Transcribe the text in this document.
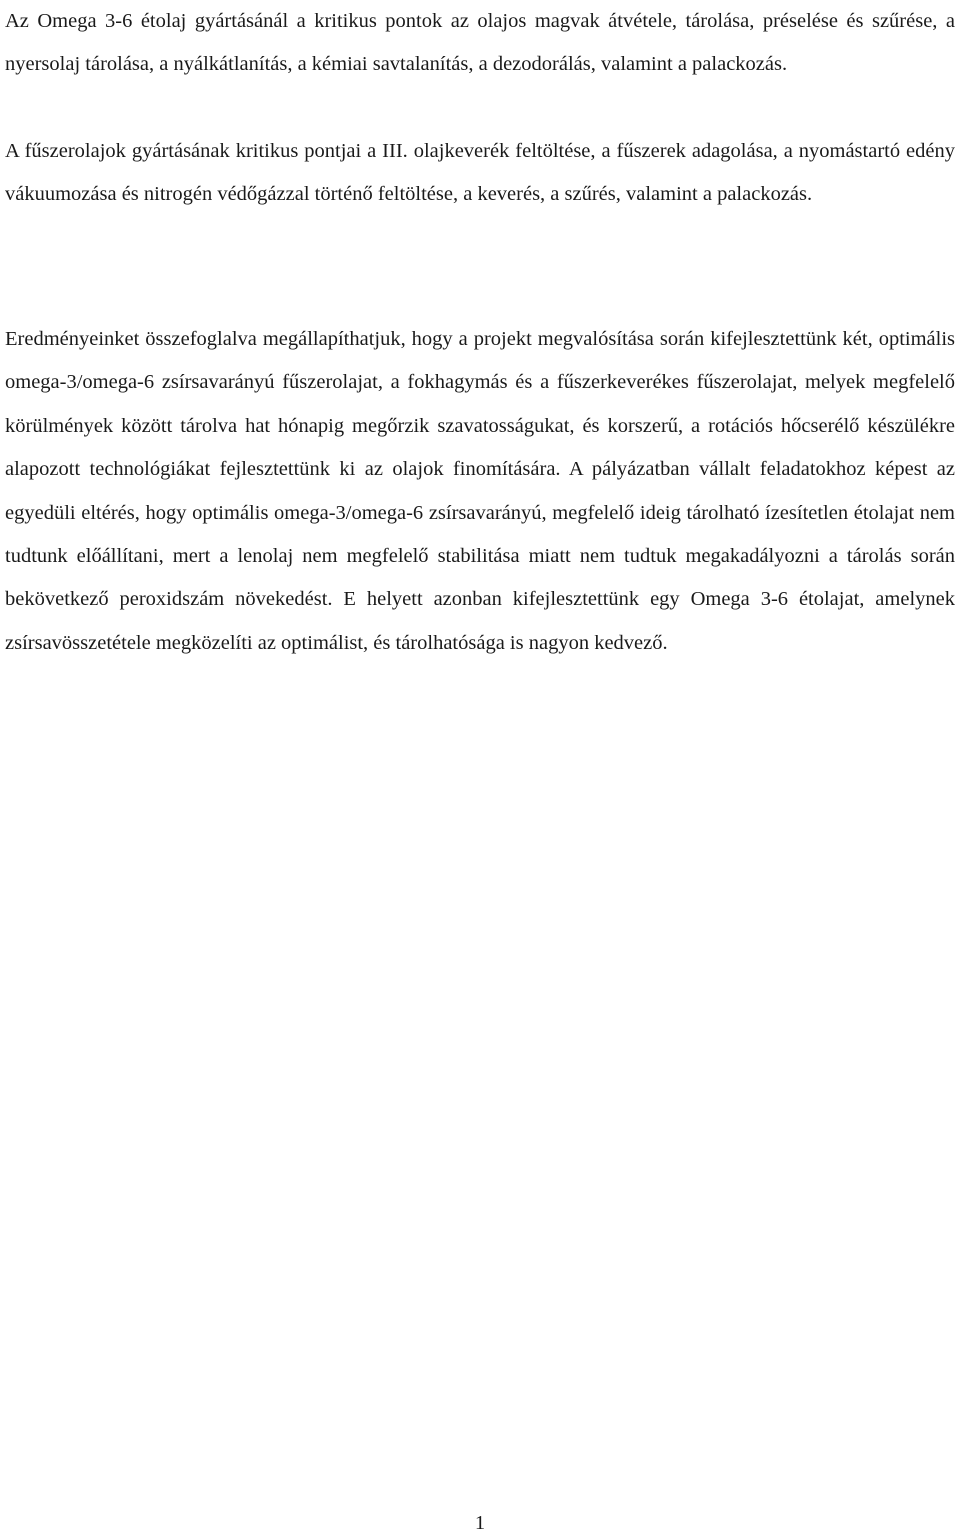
Az Omega 3-6 étolaj gyártásánál a kritikus pontok az olajos magvak átvétele, tárolása, préselése és szűrése, a nyersolaj tárolása, a nyálkátlanítás, a kémiai savtalanítás, a dezodorálás, valamint a palackozás.

A fűszerolajok gyártásának kritikus pontjai a III. olajkeverék feltöltése, a fűszerek adagolása, a nyomástartó edény vákuumozása és nitrogén védőgázzal történő feltöltése, a keverés, a szűrés, valamint a palackozás.

Eredményeinket összefoglalva megállapíthatjuk, hogy a projekt megvalósítása során kifejlesztettünk két, optimális omega-3/omega-6 zsírsavarányú fűszerolajat, a fokhagymás és a fűszerkeverékes fűszerolajat, melyek megfelelő körülmények között tárolva hat hónapig megőrzik szavatosságukat, és korszerű, a rotációs hőcserélő készülékre alapozott technológiákat fejlesztettünk ki az olajok finomítására. A pályázatban vállalt feladatokhoz képest az egyedüli eltérés, hogy optimális omega-3/omega-6 zsírsavarányú, megfelelő ideig tárolható ízesítetlen étolajat nem tudtunk előállítani, mert a lenolaj nem megfelelő stabilitása miatt nem tudtuk megakadályozni a tárolás során bekövetkező peroxidszám növekedést. E helyett azonban kifejlesztettünk egy Omega 3-6 étolajat, amelynek zsírsavösszetétele megközelíti az optimálist, és tárolhatósága is nagyon kedvező.

1
